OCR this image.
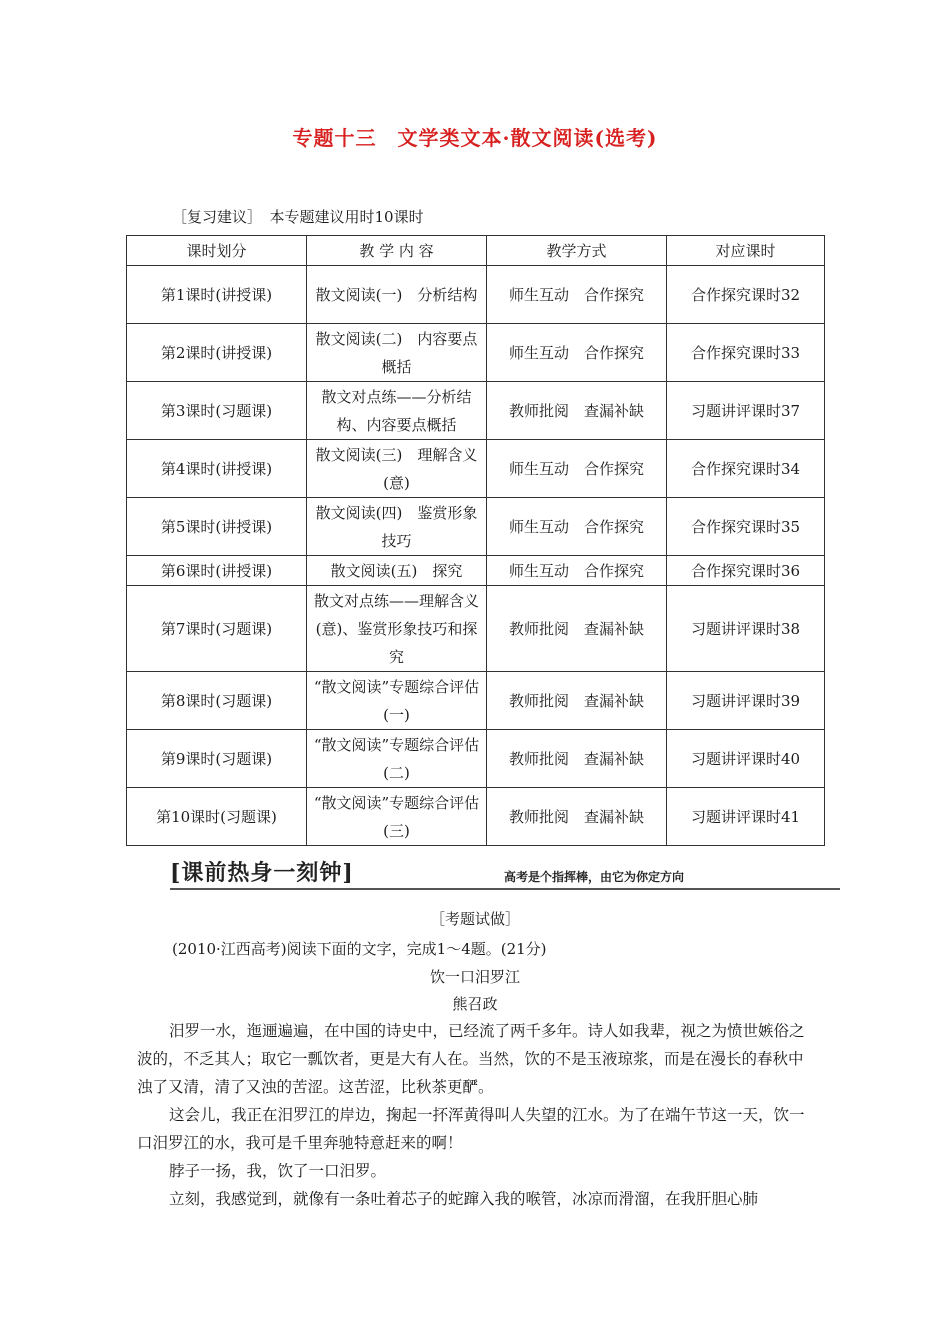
专题十三　文学类文本·散文阅读(选考)
［复习建议］　本专题建议用时10课时
课时划分	教 学 内 容	教学方式	对应课时
第1课时(讲授课)	散文阅读(一)　分析结构	师生互动　合作探究	合作探究课时32
第2课时(讲授课)	散文阅读(二)　内容要点概括	师生互动　合作探究	合作探究课时33
第3课时(习题课)	散文对点练——分析结构、内容要点概括	教师批阅　查漏补缺	习题讲评课时37
第4课时(讲授课)	散文阅读(三)　理解含义(意)	师生互动　合作探究	合作探究课时34
第5课时(讲授课)	散文阅读(四)　鉴赏形象技巧	师生互动　合作探究	合作探究课时35
第6课时(讲授课)	散文阅读(五)　探究	师生互动　合作探究	合作探究课时36
第7课时(习题课)	散文对点练——理解含义(意)、鉴赏形象技巧和探究	教师批阅　查漏补缺	习题讲评课时38
第8课时(习题课)	“散文阅读”专题综合评估(一)	教师批阅　查漏补缺	习题讲评课时39
第9课时(习题课)	“散文阅读”专题综合评估(二)	教师批阅　查漏补缺	习题讲评课时40
第10课时(习题课)	“散文阅读”专题综合评估(三)	教师批阅　查漏补缺	习题讲评课时41
[课前热身一刻钟]	高考是个指挥棒，由它为你定方向
［考题试做］
(2010·江西高考)阅读下面的文字，完成1～4题。(21分)
饮一口汨罗江
熊召政

汨罗一水，迤逦遍遍，在中国的诗史中，已经流了两千多年。诗人如我辈，视之为愤世嫉俗之波的，不乏其人；取它一瓢饮者，更是大有人在。当然，饮的不是玉液琼浆，而是在漫长的春秋中浊了又清，清了又浊的苦涩。这苦涩，比秋茶更酽。

这会儿，我正在汨罗江的岸边，掬起一抔浑黄得叫人失望的江水。为了在端午节这一天，饮一口汨罗江的水，我可是千里奔驰特意赶来的啊！

脖子一扬，我，饮了一口汨罗。

立刻，我感觉到，就像有一条吐着芯子的蛇蹿入我的喉管，冰凉而滑溜，在我肝胆心肺
